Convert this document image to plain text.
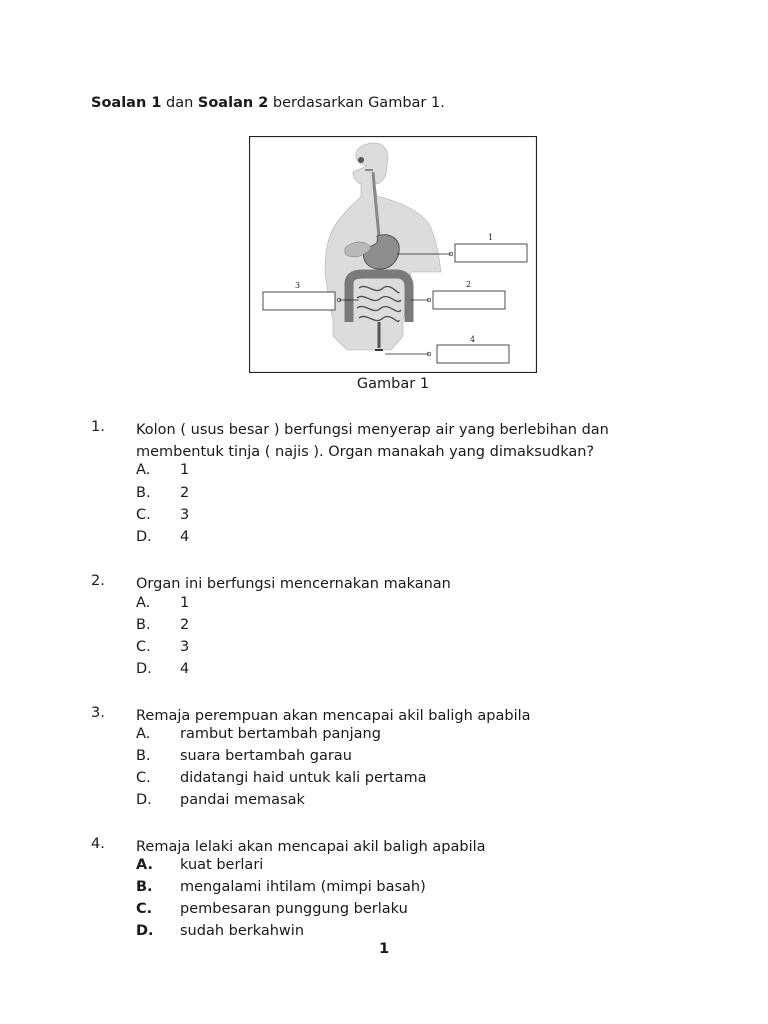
Soalan 1 dan Soalan 2 berdasarkan Gambar 1.
1
2
3
4
Gambar 1
1. Kolon ( usus besar ) berfungsi menyerap air yang berlebihan dan membentuk tinja ( najis ). Organ manakah yang dimaksudkan?
A. 1
B. 2
C. 3
D. 4
2. Organ ini berfungsi mencernakan makanan
A. 1
B. 2
C. 3
D. 4
3. Remaja perempuan akan mencapai akil baligh apabila
A. rambut bertambah panjang
B. suara bertambah garau
C. didatangi haid untuk kali pertama
D. pandai memasak
4. Remaja lelaki akan mencapai akil baligh apabila
A. kuat berlari
B. mengalami ihtilam (mimpi basah)
C. pembesaran punggung berlaku
D. sudah berkahwin
1
